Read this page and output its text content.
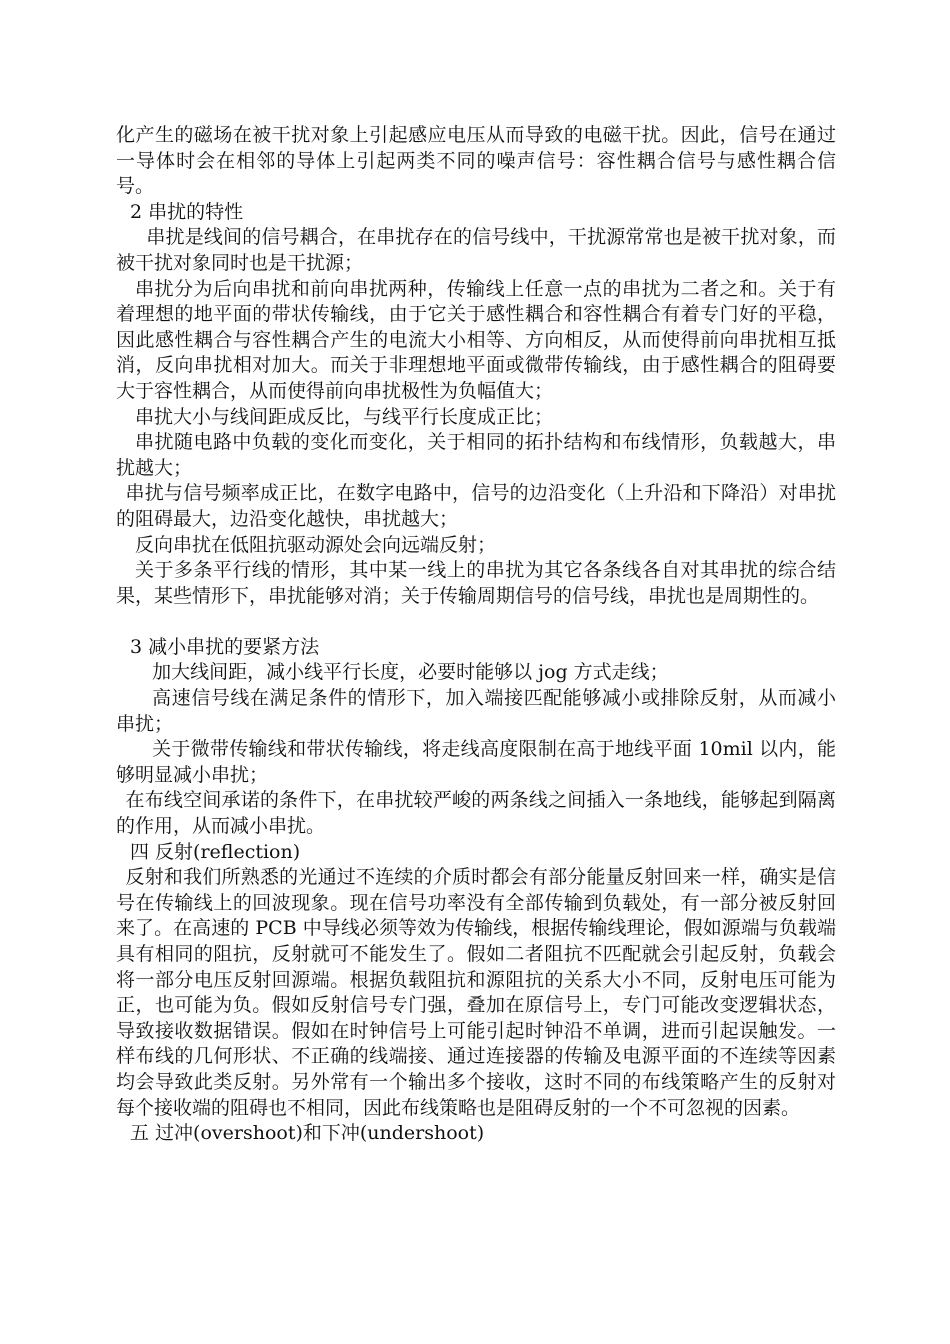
化产生的磁场在被干扰对象上引起感应电压从而导致的电磁干扰。因此，信号在通过一导体时会在相邻的导体上引起两类不同的噪声信号：容性耦合信号与感性耦合信号。

2 串扰的特性

串扰是线间的信号耦合，在串扰存在的信号线中，干扰源常常也是被干扰对象，而被干扰对象同时也是干扰源；

串扰分为后向串扰和前向串扰两种，传输线上任意一点的串扰为二者之和。关于有着理想的地平面的带状传输线，由于它关于感性耦合和容性耦合有着专门好的平稳，因此感性耦合与容性耦合产生的电流大小相等、方向相反，从而使得前向串扰相互抵消，反向串扰相对加大。而关于非理想地平面或微带传输线，由于感性耦合的阻碍要大于容性耦合，从而使得前向串扰极性为负幅值大；

串扰大小与线间距成反比，与线平行长度成正比；

串扰随电路中负载的变化而变化，关于相同的拓扑结构和布线情形，负载越大，串扰越大；

串扰与信号频率成正比，在数字电路中，信号的边沿变化（上升沿和下降沿）对串扰的阻碍最大，边沿变化越快，串扰越大；

反向串扰在低阻抗驱动源处会向远端反射；

关于多条平行线的情形，其中某一线上的串扰为其它各条线各自对其串扰的综合结果，某些情形下，串扰能够对消；关于传输周期信号的信号线，串扰也是周期性的。

3 减小串扰的要紧方法

加大线间距，减小线平行长度，必要时能够以 jog 方式走线；

高速信号线在满足条件的情形下，加入端接匹配能够减小或排除反射，从而减小串扰；

关于微带传输线和带状传输线，将走线高度限制在高于地线平面 10mil 以内，能够明显减小串扰；

在布线空间承诺的条件下，在串扰较严峻的两条线之间插入一条地线，能够起到隔离的作用，从而减小串扰。

四 反射(reflection)

反射和我们所熟悉的光通过不连续的介质时都会有部分能量反射回来一样，确实是信号在传输线上的回波现象。现在信号功率没有全部传输到负载处，有一部分被反射回来了。在高速的 PCB 中导线必须等效为传输线，根据传输线理论，假如源端与负载端具有相同的阻抗，反射就可不能发生了。假如二者阻抗不匹配就会引起反射，负载会将一部分电压反射回源端。根据负载阻抗和源阻抗的关系大小不同，反射电压可能为正，也可能为负。假如反射信号专门强，叠加在原信号上，专门可能改变逻辑状态，导致接收数据错误。假如在时钟信号上可能引起时钟沿不单调，进而引起误触发。一样布线的几何形状、不正确的线端接、通过连接器的传输及电源平面的不连续等因素均会导致此类反射。另外常有一个输出多个接收，这时不同的布线策略产生的反射对每个接收端的阻碍也不相同，因此布线策略也是阻碍反射的一个不可忽视的因素。

五 过冲(overshoot)和下冲(undershoot)
